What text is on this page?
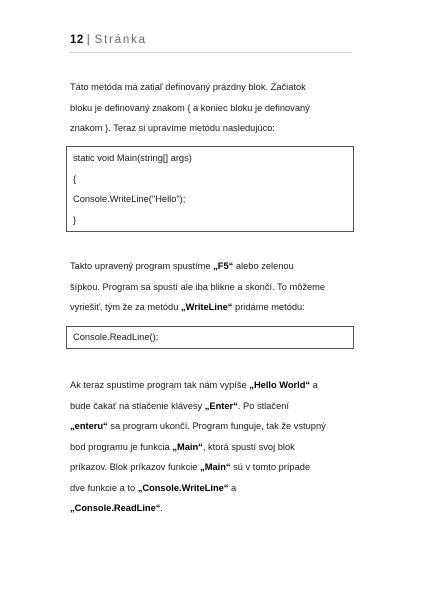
12 | Stránka

Táto metóda má zatiaľ definovaný prázdny blok. Začiatok
bloku je definovaný znakom { a koniec bloku je definovaný
znakom }. Teraz si upravíme metódu nasledujúco:

static void Main(string[] args)
{
Console.WriteLine("Hello");
}

Takto upravený program spustíme „F5“ alebo zelenou
šípkou. Program sa spustí ale iba blikne a skončí. To môžeme
vyriešiť, tým že za metódu „WriteLine“ pridáme metódu:

Console.ReadLine();

Ak teraz spustíme program tak nám vypíše „Hello World“ a
bude čakať na stlačenie klávesy „Enter“. Po stlačení
„enteru“ sa program ukončí. Program funguje, tak že vstupný
bod programu je funkcia „Main“, ktorá spustí svoj blok
príkazov. Blok príkazov funkcie „Main“ sú v tomto prípade
dve funkcie a to „Console.WriteLine“ a
„Console.ReadLine“.
